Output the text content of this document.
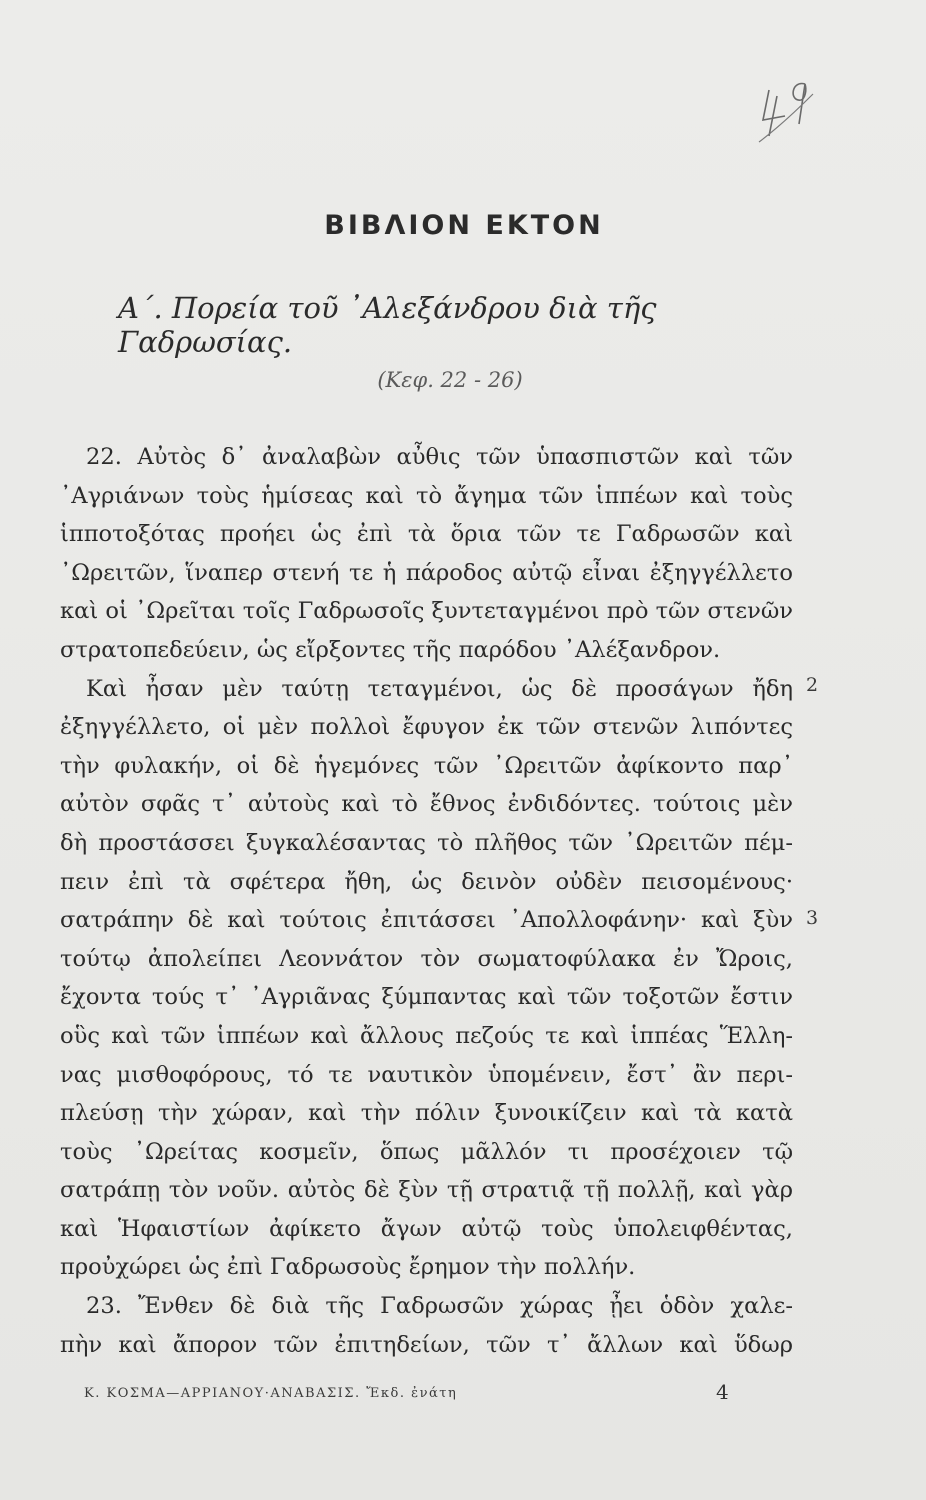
ΒΙΒΛΙΟΝ ΕΚΤΟΝ
Α΄. Πορεία τοῦ ᾿Αλεξάνδρου διὰ τῆς Γαδρωσίας.
(Κεφ. 22 - 26)
22. Αὐτὸς δ᾿ ἀναλαβὼν αὖθις τῶν ὑπασπιστῶν καὶ τῶν
᾿Αγριάνων τοὺς ἡμίσεας καὶ τὸ ἄγημα τῶν ἱππέων καὶ τοὺς
ἱπποτοξότας προήει ὡς ἐπὶ τὰ ὅρια τῶν τε Γαδρωσῶν καὶ
᾿Ωρειτῶν, ἵναπερ στενή τε ἡ πάροδος αὐτῷ εἶναι ἐξηγγέλλετο
καὶ οἱ ᾿Ωρεῖται τοῖς Γαδρωσοῖς ξυντεταγμένοι πρὸ τῶν στενῶν
στρατοπεδεύειν, ὡς εἴρξοντες τῆς παρόδου ᾿Αλέξανδρον.
Καὶ ἦσαν μὲν ταύτῃ τεταγμένοι, ὡς δὲ προσάγων ἤδη
ἐξηγγέλλετο, οἱ μὲν πολλοὶ ἔφυγον ἐκ τῶν στενῶν λιπόντες
τὴν φυλακήν, οἱ δὲ ἡγεμόνες τῶν ᾿Ωρειτῶν ἀφίκοντο παρ᾿
αὐτὸν σφᾶς τ᾿ αὐτοὺς καὶ τὸ ἔθνος ἐνδιδόντες. τούτοις μὲν
δὴ προστάσσει ξυγκαλέσαντας τὸ πλῆθος τῶν ᾿Ωρειτῶν πέμ-
πειν ἐπὶ τὰ σφέτερα ἤθη, ὡς δεινὸν οὐδὲν πεισομένους·
σατράπην δὲ καὶ τούτοις ἐπιτάσσει ᾿Απολλοφάνην· καὶ ξὺν
τούτῳ ἀπολείπει Λεοννάτον τὸν σωματοφύλακα ἐν Ὤροις,
ἔχοντα τούς τ᾿ ᾿Αγριᾶνας ξύμπαντας καὶ τῶν τοξοτῶν ἔστιν
οὓς καὶ τῶν ἱππέων καὶ ἄλλους πεζούς τε καὶ ἱππέας Ἕλλη-
νας μισθοφόρους, τό τε ναυτικὸν ὑπομένειν, ἔστ᾿ ἂν περι-
πλεύσῃ τὴν χώραν, καὶ τὴν πόλιν ξυνοικίζειν καὶ τὰ κατὰ
τοὺς ᾿Ωρείτας κοσμεῖν, ὅπως μᾶλλόν τι προσέχοιεν τῷ
σατράπῃ τὸν νοῦν. αὐτὸς δὲ ξὺν τῇ στρατιᾷ τῇ πολλῇ, καὶ γὰρ
καὶ Ἡφαιστίων ἀφίκετο ἄγων αὐτῷ τοὺς ὑπολειφθέντας,
προὐχώρει ὡς ἐπὶ Γαδρωσοὺς ἔρημον τὴν πολλήν.
23. Ἔνθεν δὲ διὰ τῆς Γαδρωσῶν χώρας ᾖει ὁδὸν χαλε-
πὴν καὶ ἄπορον τῶν ἐπιτηδείων, τῶν τ᾿ ἄλλων καὶ ὕδωρ
2
3
Κ. ΚΟΣΜΑ—ΑΡΡΙΑΝΟΥ·ΑΝΑΒΑΣΙΣ. Ἔκδ. ἐνάτη	4
